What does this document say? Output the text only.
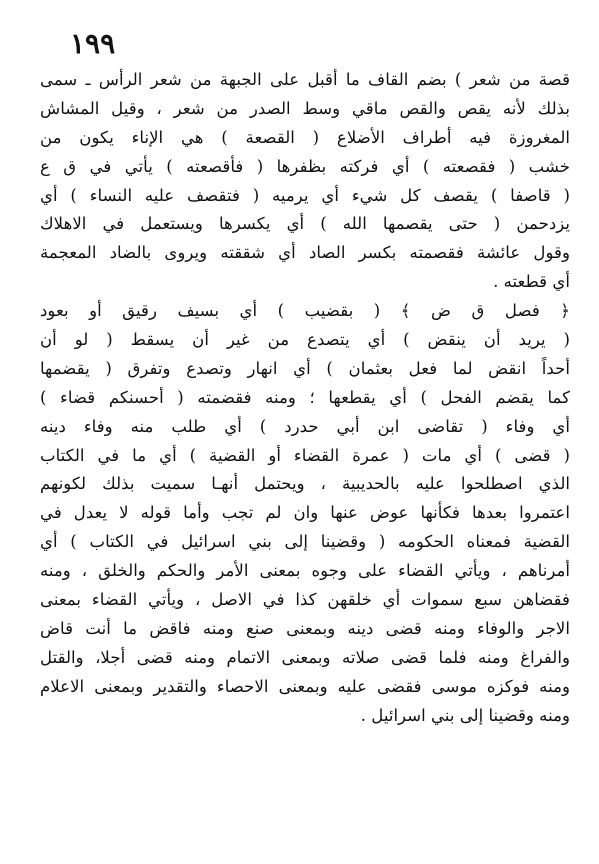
١٩٩
قصة من شعر ) بضم القاف ما أقبل على الجبهة من شعر الرأس ـ سمى
بذلك لأنه يقص والقص ماقي وسط الصدر من شعر ، وقيل المشاش
المغروزة فيه أطراف الأضلاع ( القصعة ) هي الإناء يكون من
خشب ( فقصعته ) أي فركته بظفرها ( فأقصعته ) يأتي في ق ع
( قاصفا ) يقصف كل شيء أي يرميه ( فتقصف عليه النساء ) أي
يزدحمن ( حتى يقصمها الله ) أي يكسرها ويستعمل في الاهلاك
وقول عائشة فقصمته بكسر الصاد أي شققته ويروى بالضاد المعجمة
أي قطعته .
﴿ فصل ق ض ﴾ ( بقضيب ) أي بسيف رقيق أو بعود
( يريد أن ينقض ) أي يتصدع من غير أن يسقط ( لو أن
أحداً انقض لما فعل بعثمان ) أي انهار وتصدع وتفرق ( يقضمها
كما يقضم الفحل ) أي يقطعها ؛ ومنه فقضمته ( أحسنكم قضاء )
أي وفاء ( تقاضى ابن أبي حدرد ) أي طلب منه وفاء دينه
( قضى ) أي مات ( عمرة القضاء أو القضية ) أي ما في الكتاب
الذي اصطلحوا عليه بالحديبية ، ويحتمل أنهـا سميت بذلك لكونهم
اعتمروا بعدها فكأنها عوض عنها وان لم تجب وأما قوله لا يعدل في
القضية فمعناه الحكومه ( وقضينا إلى بني اسرائيل في الكتاب ) أي
أمرناهم ، ويأتي القضاء على وجوه بمعنى الأمر والحكم والخلق ، ومنه
فقضاهن سبع سموات أي خلقهن كذا في الاصل ، ويأتي القضاء بمعنى
الاجر والوفاء ومنه قضى دينه وبمعنى صنع ومنه فاقض ما أنت قاض
والفراغ ومنه فلما قضى صلاته وبمعنى الاتمام ومنه قضى أجلا، والقتل
ومنه فوكزه موسى فقضى عليه وبمعنى الاحصاء والتقدير وبمعنى الاعلام
ومنه وقضينا إلى بني اسرائيل .
